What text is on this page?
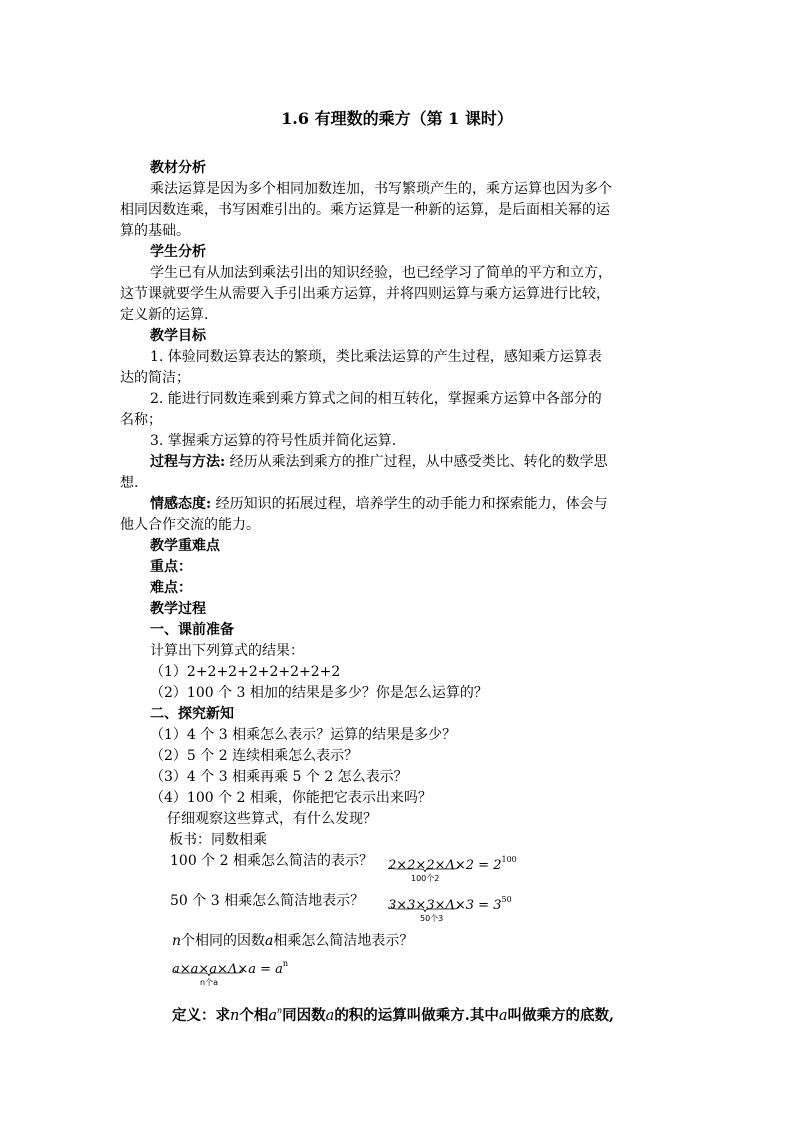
1.6 有理数的乘方（第 1 课时）
教材分析
乘法运算是因为多个相同加数连加，书写繁琐产生的，乘方运算也因为多个
相同因数连乘，书写困难引出的。乘方运算是一种新的运算，是后面相关幂的运
算的基础。
学生分析
学生已有从加法到乘法引出的知识经验，也已经学习了简单的平方和立方，
这节课就要学生从需要入手引出乘方运算，并将四则运算与乘方运算进行比较，
定义新的运算.
教学目标
1. 体验同数运算表达的繁琐，类比乘法运算的产生过程，感知乘方运算表
达的简洁；
2. 能进行同数连乘到乘方算式之间的相互转化，掌握乘方运算中各部分的
名称；
3. 掌握乘方运算的符号性质并简化运算.
过程与方法: 经历从乘法到乘方的推广过程，从中感受类比、转化的数学思
想.
情感态度: 经历知识的拓展过程，培养学生的动手能力和探索能力，体会与
他人合作交流的能力。
教学重难点
重点：
难点：
教学过程
一、课前准备
计算出下列算式的结果：
（1）2+2+2+2+2+2+2+2
（2）100 个 3 相加的结果是多少？你是怎么运算的？
二、探究新知
（1）4 个 3 相乘怎么表示？运算的结果是多少？
（2）5 个 2 连续相乘怎么表示？
（3）4 个 3 相乘再乘 5 个 2 怎么表示？
（4）100 个 2 相乘，你能把它表示出来吗？
仔细观察这些算式，有什么发现？
板书：同数相乘
100 个 2 相乘怎么简洁的表示？ $2\times 2\times 2\times\Lambda\times 2 = 2^{100}$
100个2
50 个 3 相乘怎么简洁地表示？ $3\times 3\times 3\times\Lambda\times 3 = 3^{50}$
50个3
n个相同的因数a相乘怎么简洁地表示？
$a\times a\times a\times\Lambda\times a = a^n$
n个a
定义：求n个相$a^n$同因数a的积的运算叫做乘方.其中a叫做乘方的底数,
